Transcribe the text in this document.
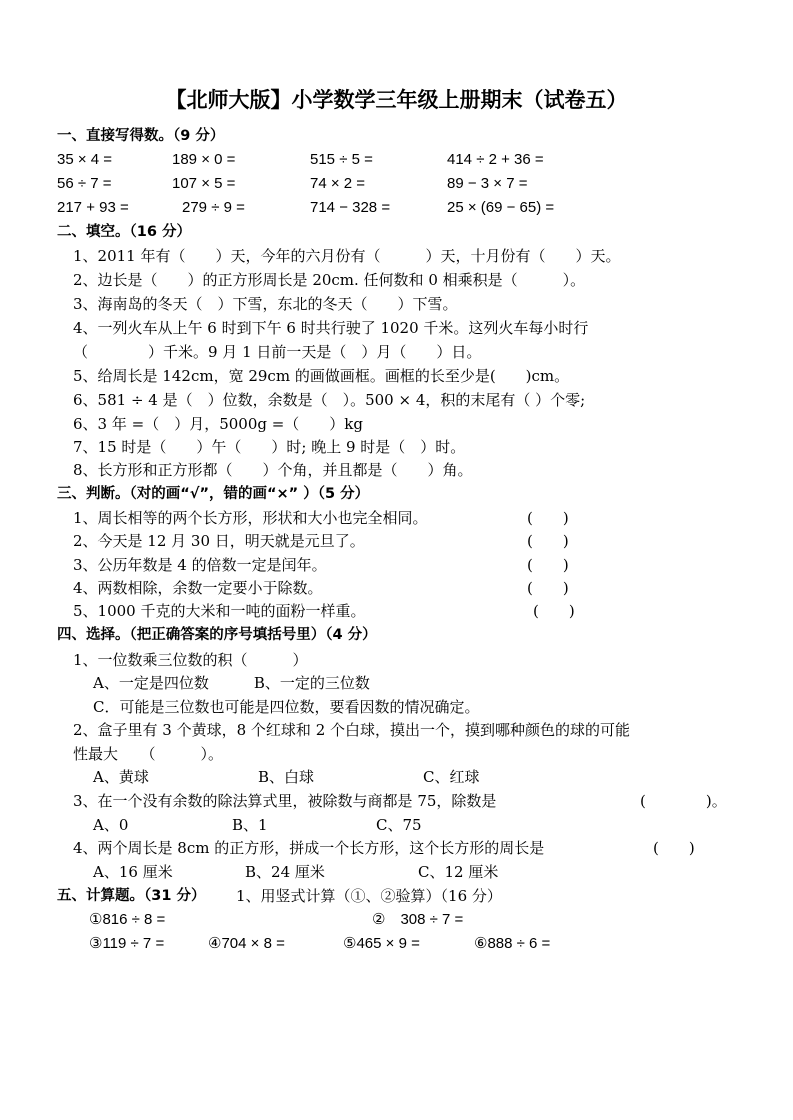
【北师大版】小学数学三年级上册期末（试卷五）
一、直接写得数。（9 分）
35 × 4 =	189 × 0 =	515 ÷ 5 =	414 ÷ 2 + 36 =
56 ÷ 7 =	107 × 5 =	74 × 2 =	89 − 3 × 7 =
217 + 93 =	279 ÷ 9 =	714 − 328 =	25 × (69 − 65) =
二、填空。（16 分）
1、2011 年有（　　）天，今年的六月份有（　　　）天，十月份有（　　）天。
2、边长是（　　）的正方形周长是 20cm. 任何数和 0 相乘积是（　　　）。
3、海南岛的冬天（　）下雪，东北的冬天（　　）下雪。
4、一列火车从上午 6 时到下午 6 时共行驶了 1020 千米。这列火车每小时行
（　　　　）千米。9 月 1 日前一天是（　）月（　　）日。
5、给周长是 142cm，宽 29cm 的画做画框。画框的长至少是(　　)cm。
6、581 ÷ 4 是（　）位数，余数是（　）。500 × 4，积的末尾有（ ）个零;
6、3 年 =（　）月，5000g =（　　）kg
7、15 时是（　　）午（　　）时; 晚上 9 时是（　）时。
8、长方形和正方形都（　　）个角，并且都是（　　）角。
三、判断。（对的画“√”，错的画“×” ）（5 分）
1、周长相等的两个长方形，形状和大小也完全相同。	(　　)
2、今天是 12 月 30 日，明天就是元旦了。	(　　)
3、公历年数是 4 的倍数一定是闰年。	(　　)
4、两数相除，余数一定要小于除数。	(　　)
5、1000 千克的大米和一吨的面粉一样重。	(　　)
四、选择。（把正确答案的序号填括号里）（4 分）
1、一位数乘三位数的积（　　　）
A、一定是四位数　　　B、一定的三位数
C．可能是三位数也可能是四位数，要看因数的情况确定。
2、盒子里有 3 个黄球，8 个红球和 2 个白球，摸出一个，摸到哪种颜色的球的可能
性最大　　（　　　）。
A、黄球	B、白球	C、红球
3、在一个没有余数的除法算式里，被除数与商都是 75，除数是	(　　　　)。
A、0	B、1	C、75
4、两个周长是 8cm 的正方形，拼成一个长方形，这个长方形的周长是	(　　)
A、16 厘米	B、24 厘米	C、12 厘米
五、计算题。（31 分） 1、用竖式计算（①、②验算）（16 分）
①816 ÷ 8 =	②　308 ÷ 7 =
③119 ÷ 7 =	④704 × 8 =	⑤465 × 9 =	⑥888 ÷ 6 =
